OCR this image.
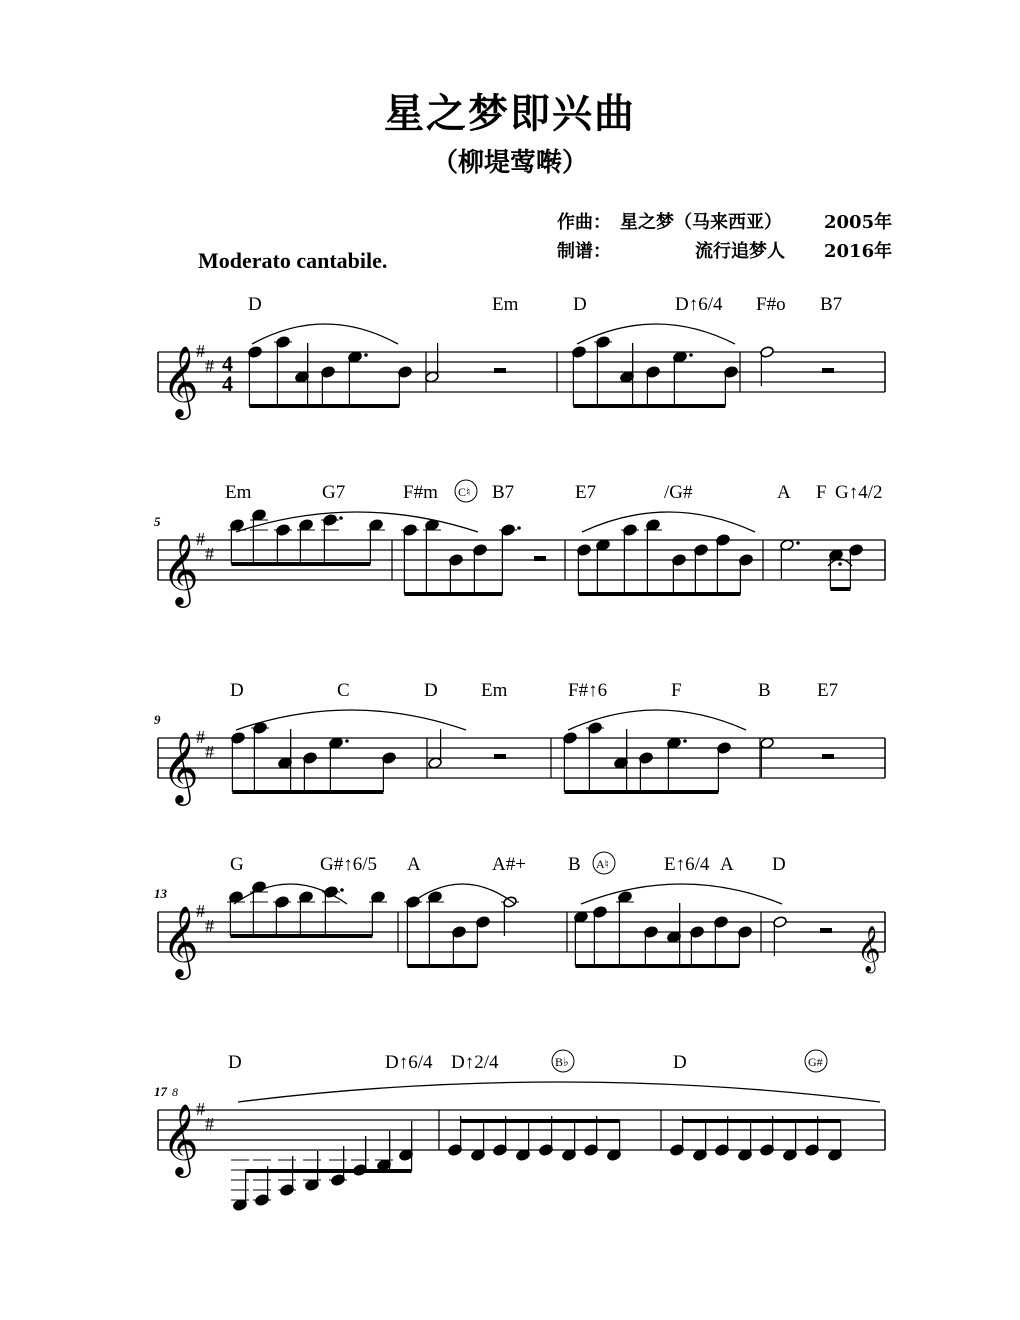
星之梦即兴曲
（柳堤莺啭）
作曲： 星之梦（马来西亚） 2005年
制谱：	流行追梦人 2016年
Moderato cantabile.
𝄞
#
# 4
4
D	Em	D	D↑6/4 F#o B7
𝄞
#
#
5
Em	G7	F#m C♮ B7	E7	/G#	A F G↑4/2
𝄞
#
#
9
D	C	D Em	F#↑6	F	B E7
𝄞
#
#
13
G	G#↑6/5 A	A#+ B A♮	E↑6/4 A D
𝄞
8
#
#
17
D	D↑6/4 D↑2/4	B♭	D	G#
𝄞
